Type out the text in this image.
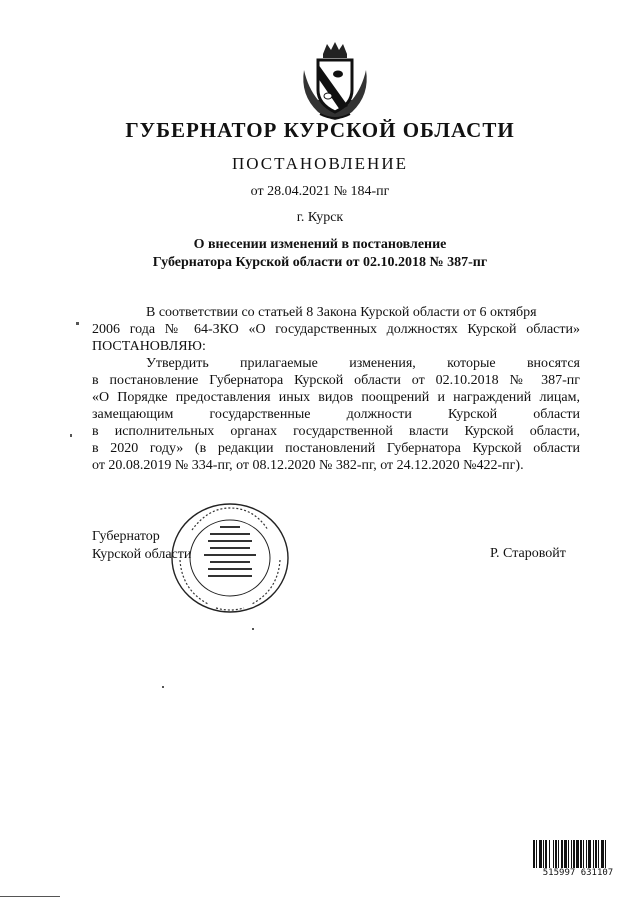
ГУБЕРНАТОР КУРСКОЙ ОБЛАСТИ
ПОСТАНОВЛЕНИЕ
от 28.04.2021 № 184-пг
г. Курск
О внесении изменений в постановление
Губернатора Курской области от 02.10.2018 № 387-пг
В соответствии со статьей 8 Закона Курской области от 6 октября
2006 года № 64-ЗКО «О государственных должностях Курской области»
ПОСТАНОВЛЯЮ:
Утвердить прилагаемые изменения, которые вносятся
в постановление Губернатора Курской области от 02.10.2018 № 387-пг
«О Порядке предоставления иных видов поощрений и награждений лицам,
замещающим государственные должности Курской области
в исполнительных органах государственной власти Курской области,
в 2020 году» (в редакции постановлений Губернатора Курской области
от 20.08.2019 № 334-пг, от 08.12.2020 № 382-пг, от 24.12.2020 №422-пг).
Губернатор
Курской области	Р. Старовойт
515997 631107
